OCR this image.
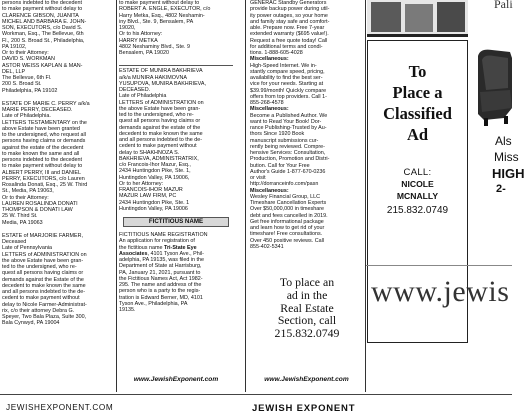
persons indebted to the decedent
to make payment without delay to
CLARENCE GIBSON, JUANITA
MICHEL AND BARBARA E. JOHN-
SON, EXECUTORS, c/o David S.
Workman, Esq., The Bellevue, 6th
Fl., 200 S. Broad St., Philadelphia,
PA 19102,
Or to their Attorney:
DAVID S. WORKMAN
ASTOR WEISS KAPLAN & MAN-
DEL, LLP
The Bellevue, 6th Fl.
200 S. Broad St.
Philadelphia, PA 19102

ESTATE OF MARIE C. PERRY a/k/a
MARIE PERRY, DECEASED.
Late of Philadelphia.
LETTERS TESTAMENTARY on the
above Estate have been granted
to the undersigned, who request all
persons having claims or demands
against the estate of the decedent
to make known the same and all
persons indebted to the decedent
to make payment without delay to
ALBERT PERRY, III and DANIEL
PERRY, EXECUTORS, c/o Lauren
Rosalinda Donati, Esq., 25 W. Third
St., Media, PA 19063,
Or to their Attorney:
LAUREN ROSALINDA DONATI
THOMPSON & DONATI LAW
25 W. Third St.
Media, PA 19063

ESTATE of MARJORIE FARMER,
Deceased
Late of Pennsylvania
LETTERS of ADMINISTRATION on
the above Estate have been gran-
ted to the undersigned, who re-
quest all persons having claims or
demands against the Estate of the
decedent to make known the same
and all persons indebted to the de-
cedent to make payment without
delay to Nicole Farmer-Administrat-
rix, c/o their attorney Debra G.
Speyer, Two Bala Plaza, Suite 300,
Bala Cynwyd, PA 19004

to make payment without delay to
ROBERT A. ENGLE, EXECUTOR, c/o
Harry Metka, Esq., 4802 Neshamin-
iny Blvd., Ste. 9, Bensalem, PA
19020,
Or to his Attorney:
HARRY METKA
4802 Neshaminy Blvd., Ste. 9
Bensalem, PA 19020

ESTATE OF MUNIRA BAKHRIEVA
a/k/a MUNIRA HAKIMOVNA
YUSUPOVA, MUNIRA BAKHRIEVA,
DECEASED.
Late of Philadelphia
LETTERS of ADMINISTRATION on
the above Estate have been gran-
ted to the undersigned, who re-
quest all persons having claims or
demands against the estate of the
decedent to make known the same
and all persons indebted to the de-
cedent to make payment without
delay to SHAKHNOZA S.
BAKHRIEVA, ADMINISTRATRIX,
c/o Francois-Ihor Mazur, Esq.,
2434 Huntingdon Pike, Ste. 1,
Huntingdon Valley, PA 19006,
Or to her Attorney:
FRANCOIS-IHOR MAZUR
MAZUR LAW FIRM, PC
2434 Huntingdon Pike, Ste. 1
Huntingdon Valley, PA 19006

FICTITIOUS NAME

FICTITIOUS NAME REGISTRATION

An application for registration of
the fictitious name Tri-State Eye
Associates, 4101 Tyson Ave., Phil-
adelphia, PA 19135, was filed in the
Department of State at Harrisburg,
PA, January 21, 2021, pursuant to
the Fictitious Names Act, Act 1982-
295. The name and address of the
person who is a party to the regis-
tration is Edward Berner, MD, 4101
Tyson Ave., Philadelphia, PA
19135.

www.JewishExponent.com

GENERAC Standby Generators
provide backup power during util-
ity power outages, so your home
and family stay safe and comfort-
able. Prepare now. Free 7-year
extended warranty ($695 value!).
Request a free quote today! Call
for additional terms and condi-
tions. 1-888-605-4028

Miscellaneous:

High-Speed Internet. We in-
stantly compare speed, pricing,
availability to find the best ser-
vice for your needs. Starting at
$39.99/month! Quickly compare
offers from top providers. Call 1-
855-268-4578

Miscellaneous:

Become a Published Author. We
want to Read Your Book! Dor-
rance Publishing-Trusted by Au-
thors Since 1920 Book
manuscript submissions cur-
rently being reviewed. Compre-
hensive Services: Consultation,
Production, Promotion and Distri-
bution. Call for Your Free
Author's Guide 1-877-670-0236
or visit
http://dorranceinfo.com/pasn

Miscellaneous:

Wesley Financial Group, LLC
Timeshare Cancellation Experts
Over $50,000,000 in timeshare
debt and fees cancelled in 2019.
Get free informational package
and learn how to get rid of your
timeshare! Free consultations.
Over 450 positive reviews. Call
855-402-5341

www.JewishExponent.com
To place an
ad in the
Real Estate
Section, call
215.832.0749
To
Place a
Classified
Ad
CALL:
NICOLE
MCNALLY
215.832.0749
Pali
Als
Miss
HIGH
2-
www.jewis
JEWISHEXPONENT.COM	JEWISH EXPONENT
